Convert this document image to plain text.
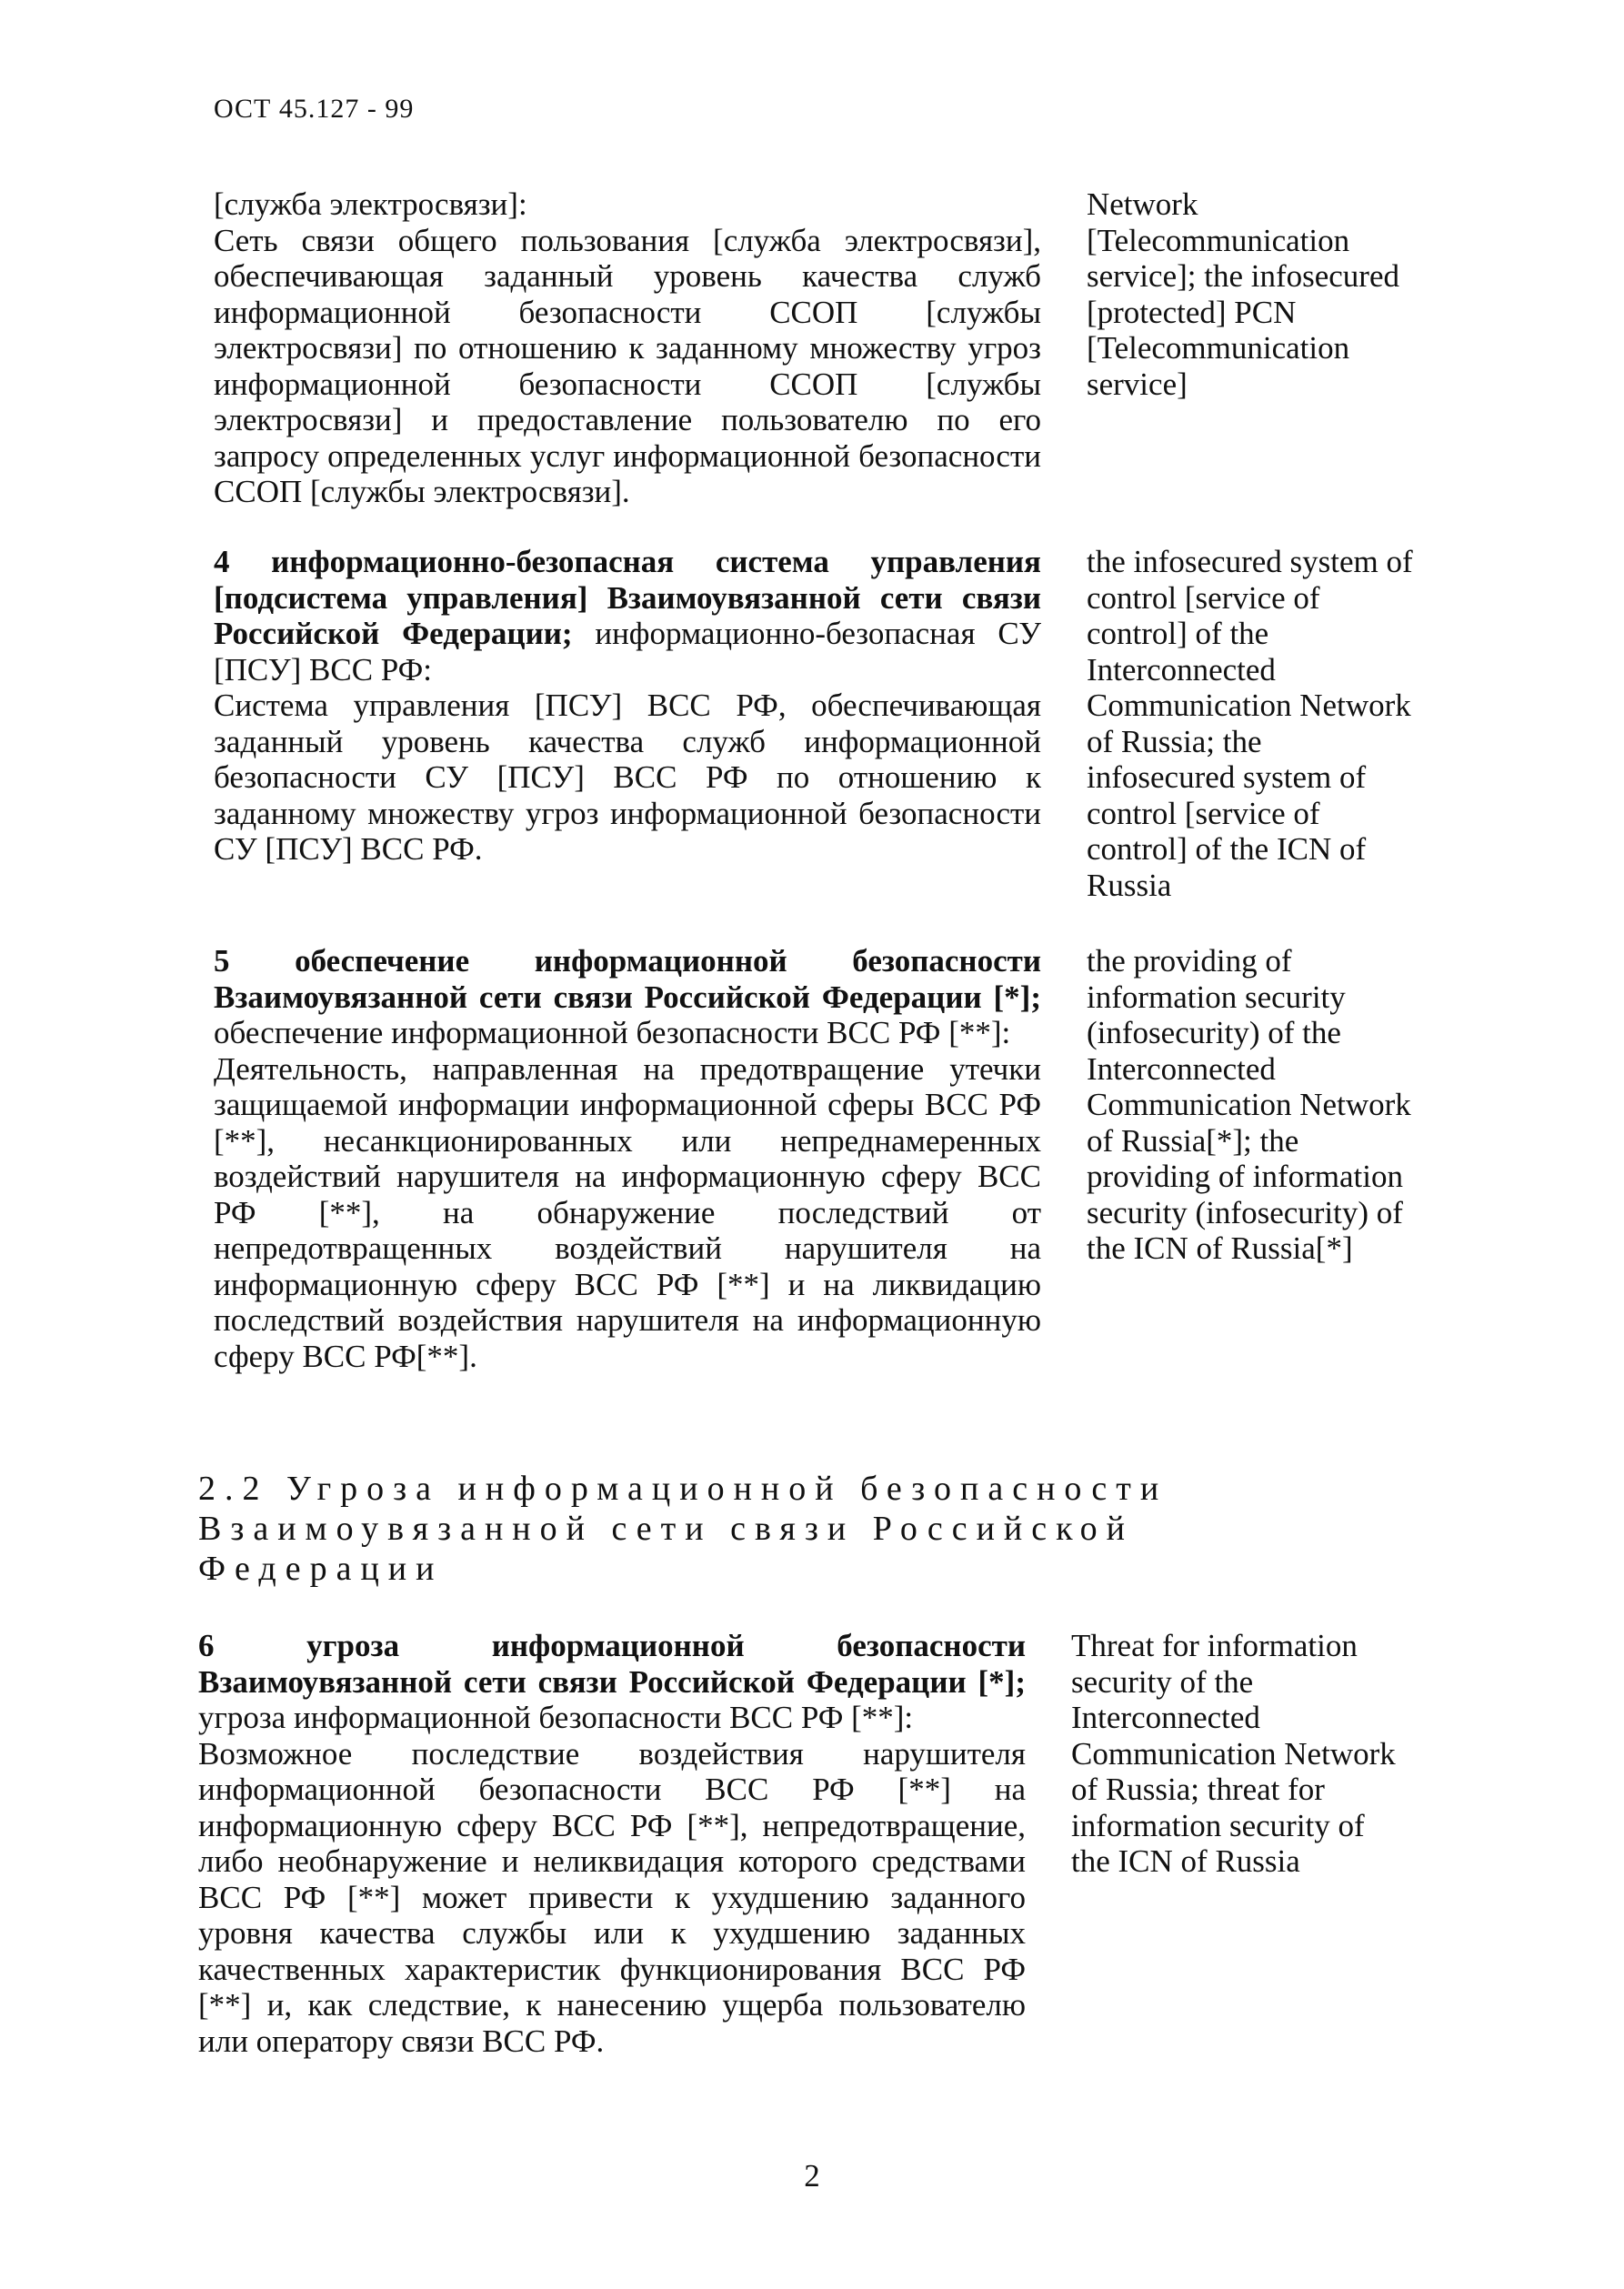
ОСТ 45.127 - 99

[служба электросвязи]:

Сеть связи общего пользования [служба электросвязи], обеспечивающая заданный уровень качества служб информационной безопасности ССОП [службы электросвязи] по отношению к заданному множеству угроз информационной безопасности ССОП [службы электросвязи] и предоставление пользователю по его запросу определенных услуг информационной безопасности ССОП [службы электросвязи].

Network [Telecommunication service]; the infosecured [protected] PCN [Telecommunication service]

4 информационно-безопасная система управления [подсистема управления] Взаимоувязанной сети связи Российской Федерации; информационно-безопасная СУ [ПСУ] ВСС РФ:

Система управления [ПСУ] ВСС РФ, обеспечивающая заданный уровень качества служб информационной безопасности СУ [ПСУ] ВСС РФ по отношению к заданному множеству угроз информационной безопасности СУ [ПСУ] ВСС РФ.

the infosecured system of control [service of control] of the Interconnected Communication Network of Russia; the infosecured system of control [service of control] of the ICN of Russia

5 обеспечение информационной безопасности Взаимоувязанной сети связи Российской Федерации [*]; обеспечение информационной безопасности ВСС РФ [**]:

Деятельность, направленная на предотвращение утечки защищаемой информации информационной сферы ВСС РФ [**], несанкционированных или непреднамеренных воздействий нарушителя на информационную сферу ВСС РФ [**], на обнаружение последствий от непредотвращенных воздействий нарушителя на информационную сферу ВСС РФ [**] и на ликвидацию последствий воздействия нарушителя на информационную сферу ВСС РФ[**].

the providing of information security (infosecurity) of the Interconnected Communication Network of Russia[*]; the providing of information security (infosecurity) of the ICN of Russia[*]
2.2 Угроза информационной безопасности
Взаимоувязанной сети связи Российской Федерации

6 угроза информационной безопасности Взаимоувязанной сети связи Российской Федерации [*]; угроза информационной безопасности ВСС РФ [**]:

Возможное последствие воздействия нарушителя информационной безопасности ВСС РФ [**] на информационную сферу ВСС РФ [**], непредотвращение, либо необнаружение и неликвидация которого средствами ВСС РФ [**] может привести к ухудшению заданного уровня качества службы или к ухудшению заданных качественных характеристик функционирования ВСС РФ [**] и, как следствие, к нанесению ущерба пользователю или оператору связи ВСС РФ.

Threat for information security of the Interconnected Communication Network of Russia; threat for information security of the ICN of Russia
2
